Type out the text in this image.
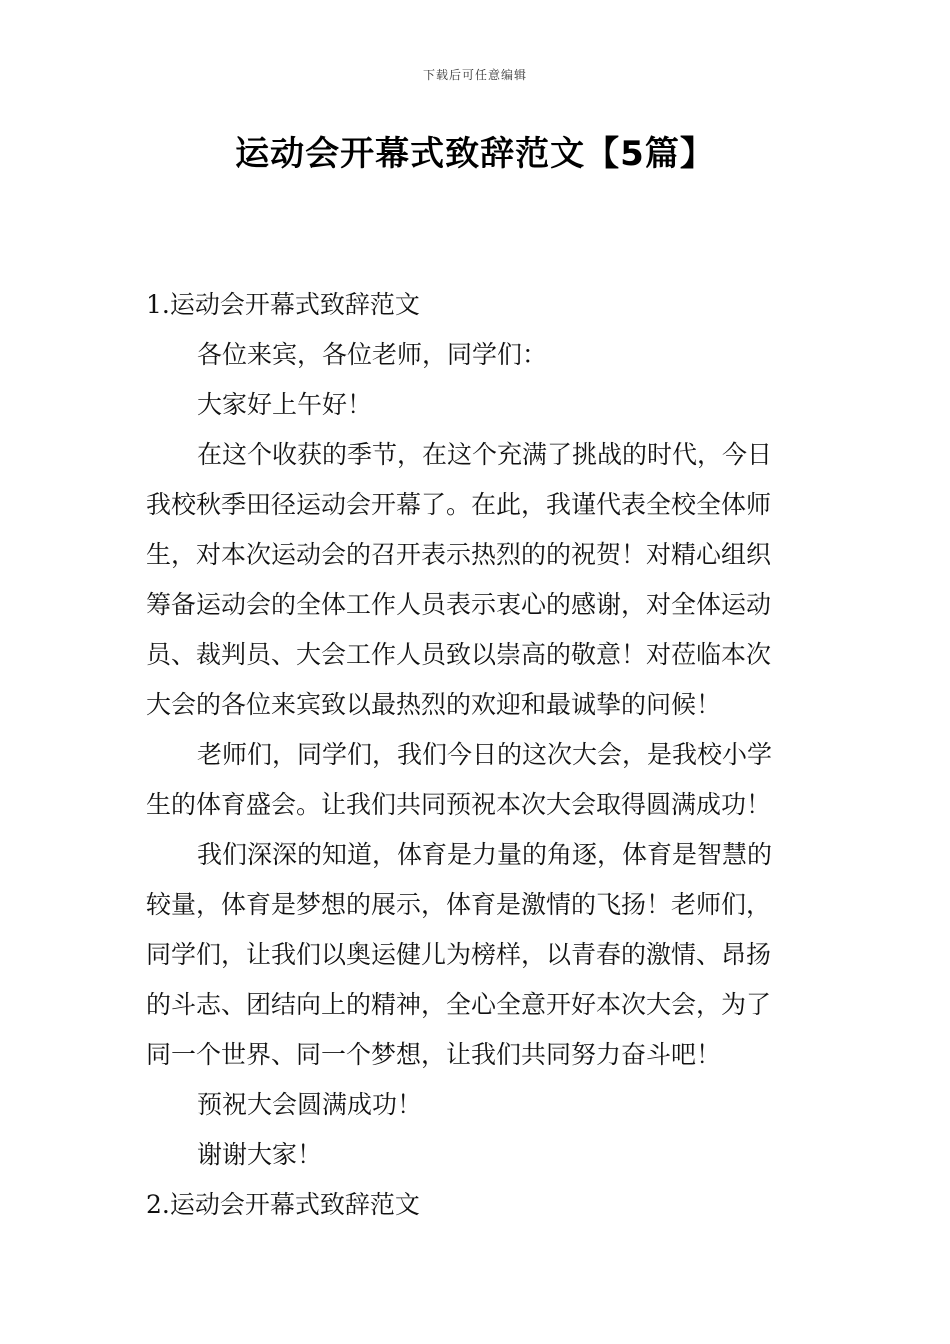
下载后可任意编辑
运动会开幕式致辞范文【5篇】

1.运动会开幕式致辞范文

各位来宾，各位老师，同学们：

大家好上午好！

在这个收获的季节，在这个充满了挑战的时代，今日

我校秋季田径运动会开幕了。在此，我谨代表全校全体师

生，对本次运动会的召开表示热烈的的祝贺！对精心组织

筹备运动会的全体工作人员表示衷心的感谢，对全体运动

员、裁判员、大会工作人员致以崇高的敬意！对莅临本次

大会的各位来宾致以最热烈的欢迎和最诚挚的问候！

老师们，同学们，我们今日的这次大会，是我校小学

生的体育盛会。让我们共同预祝本次大会取得圆满成功！

我们深深的知道，体育是力量的角逐，体育是智慧的

较量，体育是梦想的展示，体育是激情的飞扬！老师们，

同学们，让我们以奥运健儿为榜样，以青春的激情、昂扬

的斗志、团结向上的精神，全心全意开好本次大会，为了

同一个世界、同一个梦想，让我们共同努力奋斗吧！

预祝大会圆满成功！

谢谢大家！

2.运动会开幕式致辞范文
